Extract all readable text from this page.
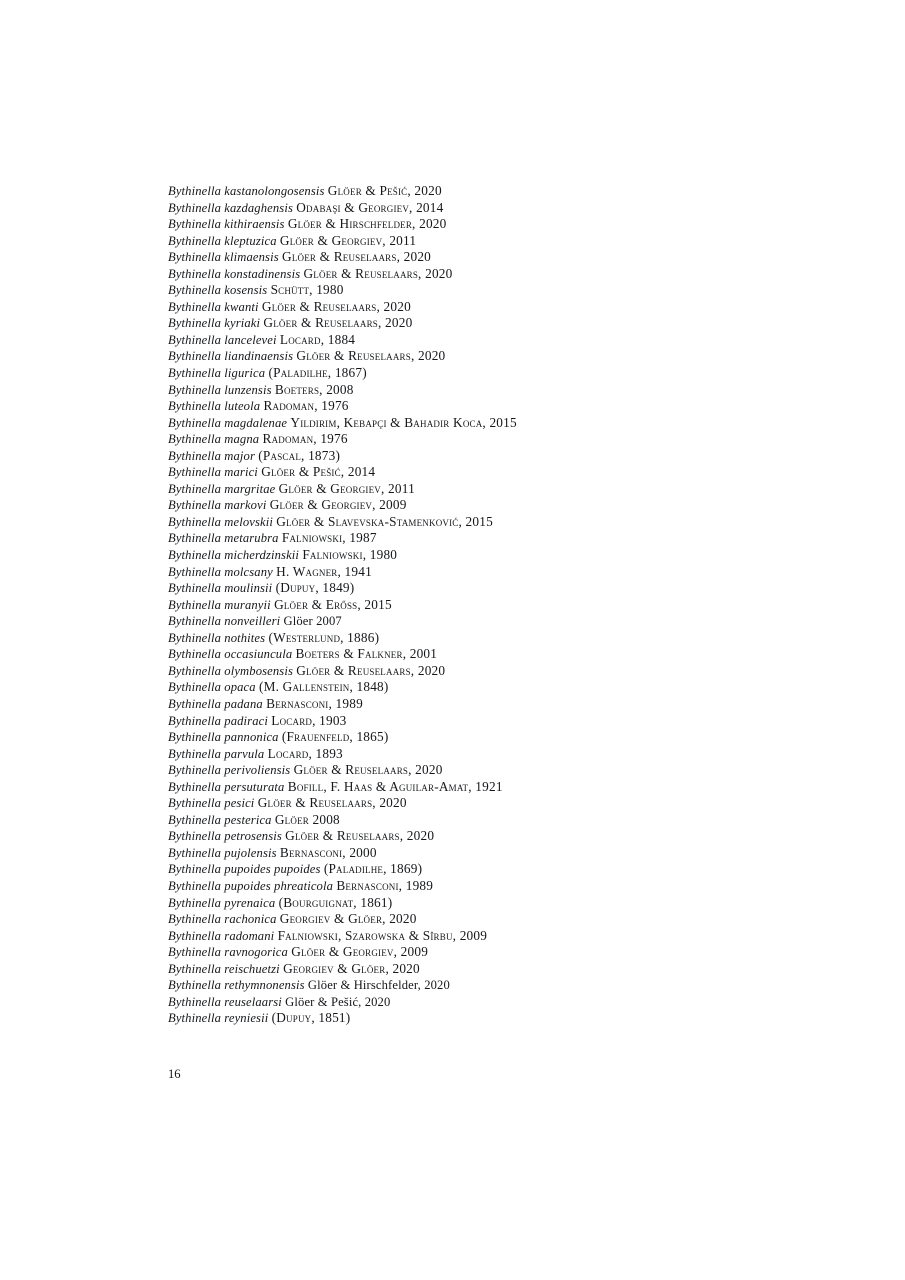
Bythinella kastanolongosensis Glöer & Pešić, 2020
Bythinella kazdaghensis Odabaşı & Georgiev, 2014
Bythinella kithiraensis Glöer & Hirschfelder, 2020
Bythinella kleptuzica Glöer & Georgiev, 2011
Bythinella klimaensis Glöer & Reuselaars, 2020
Bythinella konstadinensis Glöer & Reuselaars, 2020
Bythinella kosensis Schütt, 1980
Bythinella kwanti Glöer & Reuselaars, 2020
Bythinella kyriaki Glöer & Reuselaars, 2020
Bythinella lancelevei Locard, 1884
Bythinella liandinaensis Glöer & Reuselaars, 2020
Bythinella ligurica (Paladilhe, 1867)
Bythinella lunzensis Boeters, 2008
Bythinella luteola Radoman, 1976
Bythinella magdalenae Yildirim, Kebapçı & Bahadir Koca, 2015
Bythinella magna Radoman, 1976
Bythinella major (Pascal, 1873)
Bythinella marici Glöer & Pešić, 2014
Bythinella margritae Glöer & Georgiev, 2011
Bythinella markovi Glöer & Georgiev, 2009
Bythinella melovskii Glöer & Slavevska-Stamenković, 2015
Bythinella metarubra Falniowski, 1987
Bythinella micherdzinskii Falniowski, 1980
Bythinella molcsany H. Wagner, 1941
Bythinella moulinsii (Dupuy, 1849)
Bythinella muranyii Glöer & Erőss, 2015
Bythinella nonveilleri Glöer 2007
Bythinella nothites (Westerlund, 1886)
Bythinella occasiuncula Boeters & Falkner, 2001
Bythinella olymbosensis Glöer & Reuselaars, 2020
Bythinella opaca (M. Gallenstein, 1848)
Bythinella padana Bernasconi, 1989
Bythinella padiraci Locard, 1903
Bythinella pannonica (Frauenfeld, 1865)
Bythinella parvula Locard, 1893
Bythinella perivoliensis Glöer & Reuselaars, 2020
Bythinella persuturata Bofill, F. Haas & Aguilar-Amat, 1921
Bythinella pesici Glöer & Reuselaars, 2020
Bythinella pesterica Glöer 2008
Bythinella petrosensis Glöer & Reuselaars, 2020
Bythinella pujolensis Bernasconi, 2000
Bythinella pupoides pupoides (Paladilhe, 1869)
Bythinella pupoides phreaticola Bernasconi, 1989
Bythinella pyrenaica (Bourguignat, 1861)
Bythinella rachonica Georgiev & Glöer, 2020
Bythinella radomani Falniowski, Szarowska & Sîrbu, 2009
Bythinella ravnogorica Glöer & Georgiev, 2009
Bythinella reischuetzi Georgiev & Glöer, 2020
Bythinella rethymnonensis Glöer & Hirschfelder, 2020
Bythinella reuselaarsi Glöer & Pešić, 2020
Bythinella reyniesii (Dupuy, 1851)
16
